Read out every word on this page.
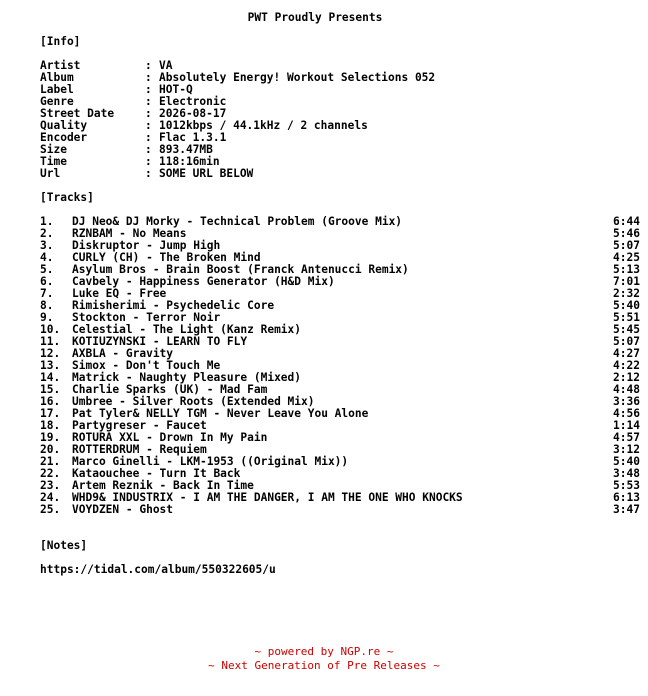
PWT Proudly Presents
[Info]
Artist	: VA
Album	: Absolutely Energy! Workout Selections 052
Label	: HOT-Q
Genre	: Electronic
Street Date	: 2026-08-17
Quality	: 1012kbps / 44.1kHz / 2 channels
Encoder	: Flac 1.3.1
Size	: 893.47MB
Time	: 118:16min
Url	: SOME URL BELOW
[Tracks]
1. DJ Neo& DJ Morky - Technical Problem (Groove Mix)	6:44
2. RZNBAM - No Means	5:46
3. Diskruptor - Jump High	5:07
4. CURLY (CH) - The Broken Mind	4:25
5. Asylum Bros - Brain Boost (Franck Antenucci Remix)	5:13
6. Cavbely - Happiness Generator (H&D Mix)	7:01
7. Luke EQ - Free	2:32
8. Rimisherimi - Psychedelic Core	5:40
9. Stockton - Terror Noir	5:51
10. Celestial - The Light (Kanz Remix)	5:45
11. KOTIUZYNSKI - LEARN TO FLY	5:07
12. AXBLA - Gravity	4:27
13. Simox - Don't Touch Me	4:22
14. Matrick - Naughty Pleasure (Mixed)	2:12
15. Charlie Sparks (UK) - Mad Fam	4:48
16. Umbree - Silver Roots (Extended Mix)	3:36
17. Pat Tyler& NELLY TGM - Never Leave You Alone	4:56
18. Partygreser - Faucet	1:14
19. ROTURA XXL - Drown In My Pain	4:57
20. ROTTERDRUM - Requiem	3:12
21. Marco Ginelli - LKM-1953 ((Original Mix))	5:40
22. Kataouchee - Turn It Back	3:48
23. Artem Reznik - Back In Time	5:53
24. WHD9& INDUSTRIX - I AM THE DANGER, I AM THE ONE WHO KNOCKS	6:13
25. VOYDZEN - Ghost	3:47
[Notes]
https://tidal.com/album/550322605/u
~ powered by NGP.re ~
~ Next Generation of Pre Releases ~
